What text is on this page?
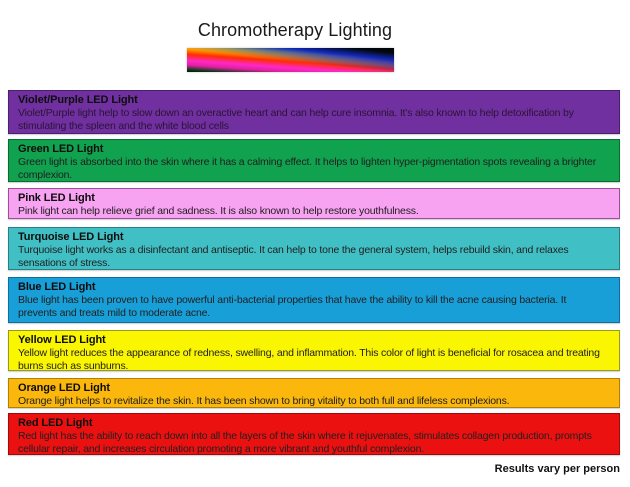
Chromotherapy Lighting
Violet/Purple LED Light

Violet/Purple light help to slow down an overactive heart and can help cure insomnia. It’s also known to help detoxification by stimulating the spleen and the white blood cells

Green LED Light

Green light is absorbed into the skin where it has a calming effect. It helps to lighten hyper-pigmentation spots revealing a brighter complexion.

Pink LED Light

Pink light can help relieve grief and sadness. It is also known to help restore youthfulness.

Turquoise LED Light

Turquoise light works as a disinfectant and antiseptic. It can help to tone the general system, helps rebuild skin, and relaxes sensations of stress.

Blue LED Light

Blue light has been proven to have powerful anti-bacterial properties that have the ability to kill the acne causing bacteria. It prevents and treats mild to moderate acne.

Yellow LED Light

Yellow light reduces the appearance of redness, swelling, and inflammation. This color of light is beneficial for rosacea and treating burns such as sunburns.

Orange LED Light

Orange light helps to revitalize the skin. It has been shown to bring vitality to both full and lifeless complexions.

Red LED Light

Red light has the ability to reach down into all the layers of the skin where it rejuvenates, stimulates collagen production, prompts cellular repair, and increases circulation promoting a more vibrant and youthful complexion.

Results vary per person
